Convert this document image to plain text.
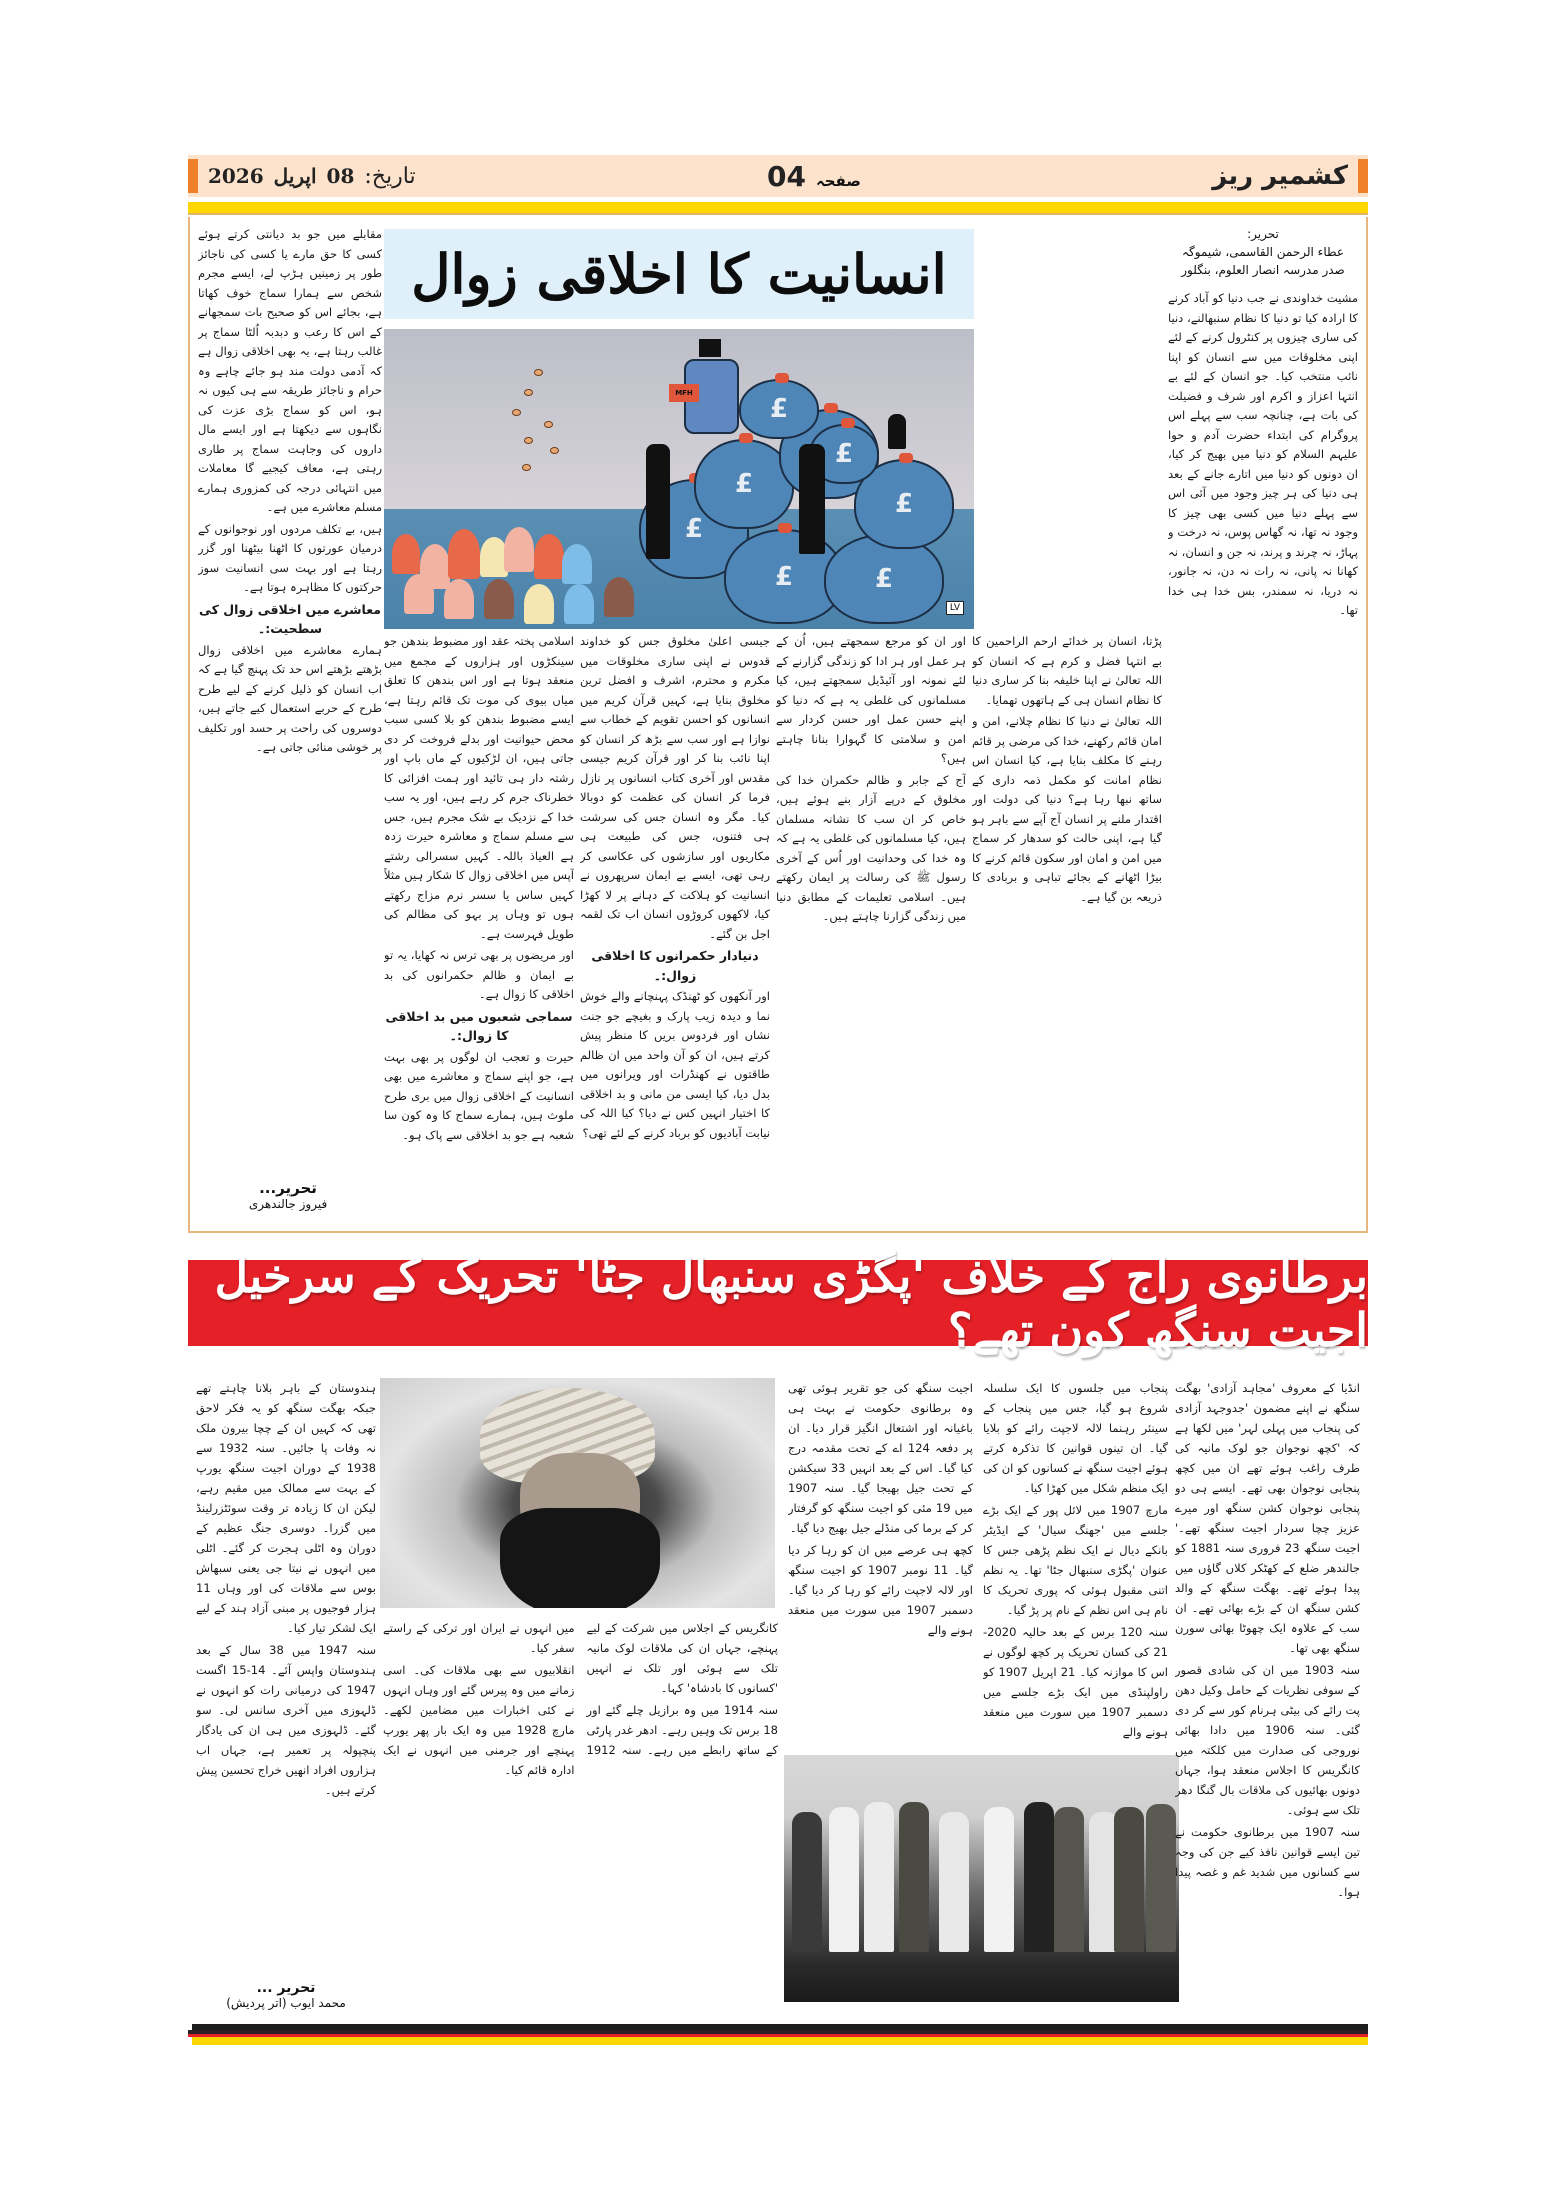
تاریخ:
08
اپریل
2026	صفحہ
04	کشمیر ریز
تحریر:
عطاء الرحمن القاسمی، شیموگہ
صدر مدرسہ انصار العلوم، بنگلور
انسانیت کا اخلاقی زوال
£
£	£
£
£
£
£
MFH
LV

مشیت خداوندی نے جب دنیا کو آباد کرنے کا ارادہ کیا تو دنیا کا نظام سنبھالنے، دنیا کی ساری چیزوں پر کنٹرول کرنے کے لئے اپنی مخلوقات میں سے انسان کو اپنا نائب منتخب کیا۔ جو انسان کے لئے بے انتہا اعزاز و اکرم اور شرف و فضیلت کی بات ہے، چنانچہ سب سے پہلے اس پروگرام کی ابتداء حضرت آدم و حوا علیہم السلام کو دنیا میں بھیج کر کیا، ان دونوں کو دنیا میں اتارے جانے کے بعد ہی دنیا کی ہر چیز وجود میں آئی اس سے پہلے دنیا میں کسی بھی چیز کا وجود نہ تھا، نہ گھاس پوس، نہ درخت و پہاڑ، نہ چرند و پرند، نہ جن و انسان، نہ کھانا نہ پانی، نہ رات نہ دن، نہ جانور، نہ دریا، نہ سمندر، بس خدا ہی خدا تھا۔

پڑتا، انسان پر خدائے ارحم الراحمین کا بے انتہا فضل و کرم ہے کہ انسان کو اللہ تعالیٰ نے اپنا خلیفہ بنا کر ساری دنیا کا نظام انسان ہی کے ہاتھوں تھمایا۔

اللہ تعالیٰ نے دنیا کا نظام چلانے، امن و امان قائم رکھنے، خدا کی مرضی پر قائم رہنے کا مکلف بنایا ہے، کیا انسان اس نظام امانت کو مکمل ذمہ داری کے ساتھ نبھا رہا ہے؟ دنیا کی دولت اور اقتدار ملنے پر انسان آج آپے سے باہر ہو گیا ہے، اپنی حالت کو سدھار کر سماج میں امن و امان اور سکون قائم کرنے کا بیڑا اٹھانے کے بجائے تباہی و بربادی کا ذریعہ بن گیا ہے۔

اور ان کو مرجع سمجھتے ہیں، اُن کے ہر عمل اور ہر ادا کو زندگی گزارنے کے لئے نمونہ اور آئیڈیل سمجھتے ہیں، کیا مسلمانوں کی غلطی یہ ہے کہ دنیا کو اپنے حسن عمل اور حسن کردار سے امن و سلامتی کا گہوارا بنانا چاہتے ہیں؟

آج کے جابر و ظالم حکمران خدا کی مخلوق کے درپے آزار بنے ہوئے ہیں، خاص کر ان سب کا نشانہ مسلمان ہیں، کیا مسلمانوں کی غلطی یہ ہے کہ وہ خدا کی وحدانیت اور اُس کے آخری رسول ﷺ کی رسالت پر ایمان رکھتے ہیں۔ اسلامی تعلیمات کے مطابق دنیا میں زندگی گزارنا چاہتے ہیں۔

جیسی اعلیٰ مخلوق جس کو خداوند قدوس نے اپنی ساری مخلوقات میں مکرم و محترم، اشرف و افضل ترین مخلوق بنایا ہے، کہیں قرآن کریم میں انسانوں کو احسن تقویم کے خطاب سے نوازا ہے اور سب سے بڑھ کر انسان کو اپنا نائب بنا کر اور قرآن کریم جیسی مقدس اور آخری کتاب انسانوں پر نازل فرما کر انسان کی عظمت کو دوبالا کیا۔ مگر وہ انسان جس کی سرشت ہی فتنوں، جس کی طبیعت ہی مکاریوں اور سازشوں کی عکاسی کر رہی تھی، ایسے بے ایمان سرپھروں نے انسانیت کو ہلاکت کے دہانے پر لا کھڑا کیا، لاکھوں کروڑوں انسان اب تک لقمہ اجل بن گئے۔

دنیادار حکمرانوں کا اخلاقی زوال:۔

اور آنکھوں کو ٹھنڈک پہنچانے والے خوش نما و دیدہ زیب پارک و بغیچے جو جنت نشاں اور فردوس بریں کا منظر پیش کرتے ہیں، ان کو آن واحد میں ان ظالم طاقتوں نے کھنڈرات اور ویرانوں میں بدل دیا، کیا ایسی من مانی و بد اخلاقی کا اختیار انہیں کس نے دیا؟ کیا اللہ کی نیابت آبادیوں کو برباد کرنے کے لئے تھی؟

اسلامی پختہ عقد اور مضبوط بندھن جو سینکڑوں اور ہزاروں کے مجمع میں منعقد ہوتا ہے اور اس بندھن کا تعلق میاں بیوی کی موت تک قائم رہتا ہے، ایسے مضبوط بندھن کو بلا کسی سبب محض حیوانیت اور بدلے فروخت کر دی جاتی ہیں، ان لڑکیوں کے ماں باپ اور رشتہ دار ہی تائید اور ہمت افزائی کا خطرناک جرم کر رہے ہیں، اور یہ سب خدا کے نزدیک بے شک مجرم ہیں، جس سے مسلم سماج و معاشرہ حیرت زدہ ہے العیاذ باللہ۔ کہیں سسرالی رشتے آپس میں اخلاقی زوال کا شکار ہیں مثلاً کہیں ساس یا سسر نرم مزاج رکھتے ہوں تو وہاں پر بہو کی مظالم کی طویل فہرست ہے۔

اور مریضوں پر بھی ترس نہ کھایا، یہ تو بے ایمان و ظالم حکمرانوں کی بد اخلاقی کا زوال ہے۔

سماجی شعبوں میں بد اخلاقی کا زوال:۔

حیرت و تعجب ان لوگوں پر بھی بہت ہے، جو اپنے سماج و معاشرے میں بھی انسانیت کے اخلاقی زوال میں بری طرح ملوث ہیں، ہمارے سماج کا وہ کون سا شعبہ ہے جو بد اخلاقی سے پاک ہو۔

مقابلے میں جو بد دیانتی کرتے ہوئے کسی کا حق مارے یا کسی کی ناجائز طور پر زمینیں ہڑپ لے، ایسے مجرم شخص سے ہمارا سماج خوف کھاتا ہے، بجائے اس کو صحیح بات سمجھانے کے اس کا رعب و دبدبہ اُلٹا سماج پر غالب رہتا ہے، یہ بھی اخلاقی زوال ہے کہ آدمی دولت مند ہو جائے چاہے وہ حرام و ناجائز طریقہ سے ہی کیوں نہ ہو، اس کو سماج بڑی عزت کی نگاہوں سے دیکھتا ہے اور ایسے مال داروں کی وجاہت سماج پر طاری رہتی ہے، معاف کیجیے گا معاملات میں انتہائی درجہ کی کمزوری ہمارے مسلم معاشرے میں ہے۔

ہیں، بے تکلف مردوں اور نوجوانوں کے درمیان عورتوں کا اٹھنا بیٹھنا اور گزر رہتا ہے اور بہت سی انسانیت سوز حرکتوں کا مظاہرہ ہوتا ہے۔

معاشرے میں اخلاقی زوال کی سطحیت:۔

ہمارے معاشرے میں اخلاقی زوال بڑھتے بڑھتے اس حد تک پہنچ گیا ہے کہ اب انسان کو ذلیل کرنے کے لیے طرح طرح کے حربے استعمال کیے جاتے ہیں، دوسروں کی راحت پر حسد اور تکلیف پر خوشی منائی جاتی ہے۔

تحریر...
فیروز جالندھری
برطانوی راج کے خلاف 'پگڑی سنبھال جٹا' تحریک کے سرخیل اجیت سنگھ کون تھے؟

انڈیا کے معروف 'مجاہد آزادی' بھگت سنگھ نے اپنے مضمون 'جدوجہد آزادی کی پنجاب میں پہلی لہر' میں لکھا ہے کہ 'کچھ نوجوان جو لوک مانیہ کی طرف راغب ہوئے تھے ان میں کچھ پنجابی نوجوان بھی تھے۔ ایسے ہی دو پنجابی نوجوان کشن سنگھ اور میرے عزیز چچا سردار اجیت سنگھ تھے۔' اجیت سنگھ 23 فروری سنہ 1881 کو جالندھر ضلع کے کھٹکر کلاں گاؤں میں پیدا ہوئے تھے۔ بھگت سنگھ کے والد کشن سنگھ ان کے بڑے بھائی تھے۔ ان سب کے علاوہ ایک چھوٹا بھائی سورن سنگھ بھی تھا۔

سنہ 1903 میں ان کی شادی قصور کے سوفی نظریات کے حامل وکیل دھن پت رائے کی بیٹی ہرنام کور سے کر دی گئی۔ سنہ 1906 میں دادا بھائی نوروجی کی صدارت میں کلکتہ میں کانگریس کا اجلاس منعقد ہوا، جہاں دونوں بھائیوں کی ملاقات بال گنگا دھر تلک سے ہوئی۔

سنہ 1907 میں برطانوی حکومت نے تین ایسے قوانین نافذ کیے جن کی وجہ سے کسانوں میں شدید غم و غصہ پیدا ہوا۔

پنجاب میں جلسوں کا ایک سلسلہ شروع ہو گیا، جس میں پنجاب کے سینئر رہنما لالہ لاجپت رائے کو بلایا گیا۔ ان تینوں قوانین کا تذکرہ کرتے ہوئے اجیت سنگھ نے کسانوں کو ان کی ایک منظم شکل میں کھڑا کیا۔

مارچ 1907 میں لائل پور کے ایک بڑے جلسے میں 'جھنگ سیال' کے ایڈیٹر بانکے دیال نے ایک نظم پڑھی جس کا عنوان 'پگڑی سنبھال جٹا' تھا۔ یہ نظم اتنی مقبول ہوئی کہ پوری تحریک کا نام ہی اس نظم کے نام پر پڑ گیا۔

سنہ 120 برس کے بعد حالیہ 2020-21 کی کسان تحریک پر کچھ لوگوں نے اس کا موازنہ کیا۔ 21 اپریل 1907 کو راولپنڈی میں ایک بڑے جلسے میں دسمبر 1907 میں سورت میں منعقد ہونے والے

اجیت سنگھ کی جو تقریر ہوئی تھی وہ برطانوی حکومت نے بہت ہی باغیانہ اور اشتعال انگیز قرار دیا۔ ان پر دفعہ 124 اے کے تحت مقدمہ درج کیا گیا۔ اس کے بعد انہیں 33 سیکشن کے تحت جیل بھیجا گیا۔ سنہ 1907 میں 19 مئی کو اجیت سنگھ کو گرفتار کر کے برما کی منڈلے جیل بھیج دیا گیا۔

کچھ ہی عرصے میں ان کو رہا کر دیا گیا۔ 11 نومبر 1907 کو اجیت سنگھ اور لالہ لاجپت رائے کو رہا کر دیا گیا۔ دسمبر 1907 میں سورت میں منعقد ہونے والے

کانگریس کے اجلاس میں شرکت کے لیے پہنچے، جہاں ان کی ملاقات لوک مانیہ تلک سے ہوئی اور تلک نے انہیں 'کسانوں کا بادشاہ' کہا۔

سنہ 1914 میں وہ برازیل چلے گئے اور 18 برس تک وہیں رہے۔ ادھر غدر پارٹی کے ساتھ رابطے میں رہے۔ سنہ 1912 میں انہوں نے ایران اور ترکی کے راستے سفر کیا۔

انقلابیوں سے بھی ملاقات کی۔ اسی زمانے میں وہ پیرس گئے اور وہاں انہوں نے کئی اخبارات میں مضامین لکھے۔ مارچ 1928 میں وہ ایک بار پھر یورپ پہنچے اور جرمنی میں انہوں نے ایک ادارہ قائم کیا۔

ہندوستان کے باہر بلانا چاہتے تھے جبکہ بھگت سنگھ کو یہ فکر لاحق تھی کہ کہیں ان کے چچا بیرون ملک نہ وفات پا جائیں۔ سنہ 1932 سے 1938 کے دوران اجیت سنگھ یورپ کے بہت سے ممالک میں مقیم رہے، لیکن ان کا زیادہ تر وقت سوئٹزرلینڈ میں گزرا۔ دوسری جنگ عظیم کے دوران وہ اٹلی ہجرت کر گئے۔ اٹلی میں انہوں نے نیتا جی یعنی سبھاش بوس سے ملاقات کی اور وہاں 11 ہزار فوجیوں پر مبنی آزاد ہند کے لیے ایک لشکر تیار کیا۔

سنہ 1947 میں 38 سال کے بعد ہندوستان واپس آئے۔ 14-15 اگست 1947 کی درمیانی رات کو انہوں نے ڈلہوزی میں آخری سانس لی۔ سو گئے۔ ڈلہوزی میں ہی ان کی یادگار پنچپولہ پر تعمیر ہے، جہاں اب ہزاروں افراد انھیں خراج تحسین پیش کرتے ہیں۔

تحریر ...
محمد ایوب (اتر پردیش)
